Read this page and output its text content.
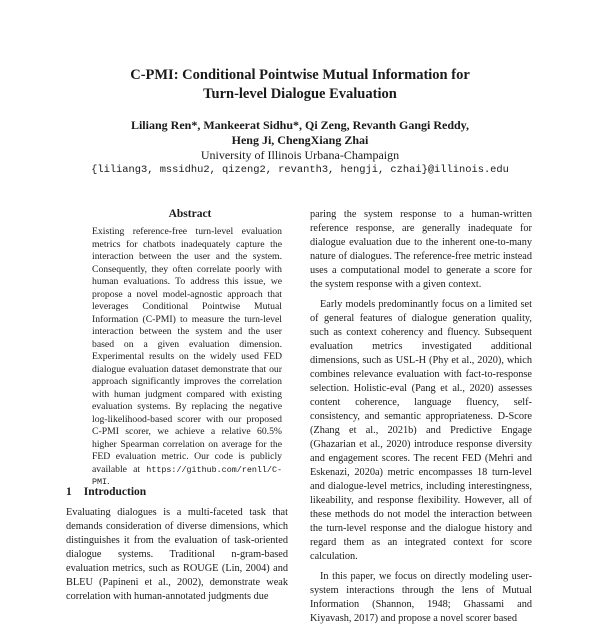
C-PMI: Conditional Pointwise Mutual Information for
Turn-level Dialogue Evaluation
Liliang Ren*, Mankeerat Sidhu*, Qi Zeng, Revanth Gangi Reddy,
Heng Ji, ChengXiang Zhai
University of Illinois Urbana-Champaign
{liliang3, mssidhu2, qizeng2, revanth3, hengji, czhai}@illinois.edu
Abstract
Existing reference-free turn-level evaluation metrics for chatbots inadequately capture the interaction between the user and the system. Consequently, they often correlate poorly with human evaluations. To address this issue, we propose a novel model-agnostic approach that leverages Conditional Pointwise Mutual Information (C-PMI) to measure the turn-level interaction between the system and the user based on a given evaluation dimension. Experimental results on the widely used FED dialogue evaluation dataset demonstrate that our approach significantly improves the correlation with human judgment compared with existing evaluation systems. By replacing the negative log-likelihood-based scorer with our proposed C-PMI scorer, we achieve a relative 60.5% higher Spearman correlation on average for the FED evaluation metric. Our code is publicly available at https://github.com/renll/C-PMI.
1 Introduction
Evaluating dialogues is a multi-faceted task that demands consideration of diverse dimensions, which distinguishes it from the evaluation of task-oriented dialogue systems. Traditional n-gram-based evaluation metrics, such as ROUGE (Lin, 2004) and BLEU (Papineni et al., 2002), demonstrate weak correlation with human-annotated judgments due

paring the system response to a human-written reference response, are generally inadequate for dialogue evaluation due to the inherent one-to-many nature of dialogues. The reference-free metric instead uses a computational model to generate a score for the system response with a given context.

Early models predominantly focus on a limited set of general features of dialogue generation quality, such as context coherency and fluency. Subsequent evaluation metrics investigated additional dimensions, such as USL-H (Phy et al., 2020), which combines relevance evaluation with fact-to-response selection. Holistic-eval (Pang et al., 2020) assesses content coherence, language fluency, self-consistency, and semantic appropriateness. D-Score (Zhang et al., 2021b) and Predictive Engage (Ghazarian et al., 2020) introduce response diversity and engagement scores. The recent FED (Mehri and Eskenazi, 2020a) metric encompasses 18 turn-level and dialogue-level metrics, including interestingness, likeability, and response flexibility. However, all of these methods do not model the interaction between the turn-level response and the dialogue history and regard them as an integrated context for score calculation.

In this paper, we focus on directly modeling user-system interactions through the lens of Mutual Information (Shannon, 1948; Ghassami and Kiyavash, 2017) and propose a novel scorer based
